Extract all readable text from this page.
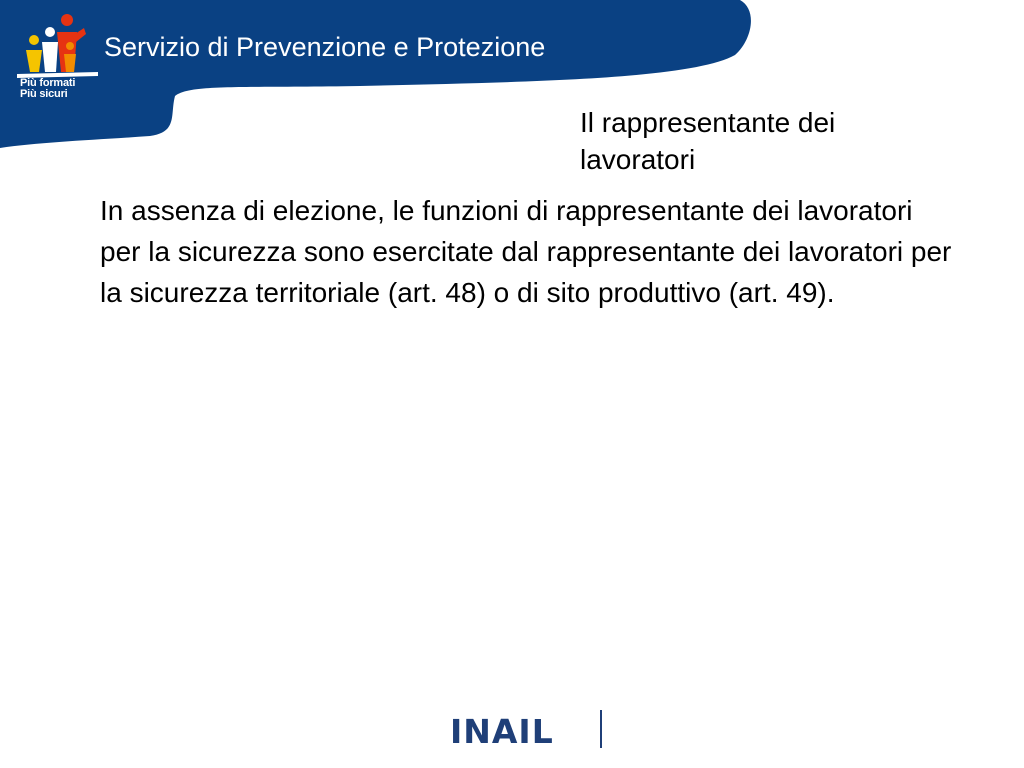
Più formati
Più sicuri
Servizio di Prevenzione e Protezione
Il rappresentante dei lavoratori
In assenza di elezione, le funzioni di rappresentante dei lavoratori per la sicurezza sono esercitate dal rappresentante dei lavoratori per la sicurezza territoriale (art. 48) o di sito produttivo (art. 49).
INAIL
